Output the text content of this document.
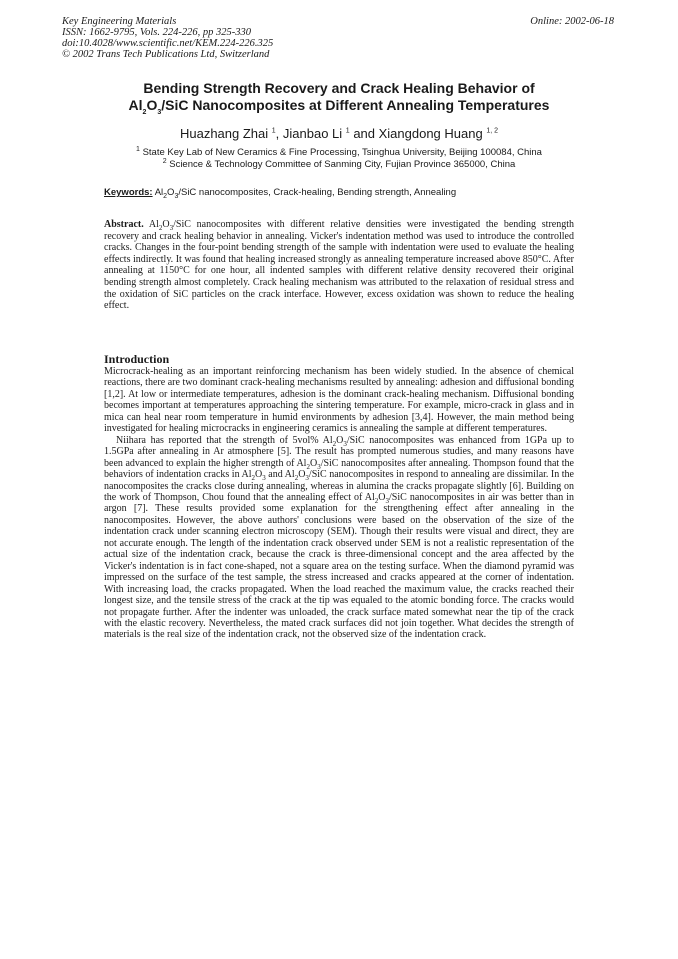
Key Engineering Materials
ISSN: 1662-9795, Vols. 224-226, pp 325-330
doi:10.4028/www.scientific.net/KEM.224-226.325
© 2002 Trans Tech Publications Ltd, Switzerland
Online: 2002-06-18
Bending Strength Recovery and Crack Healing Behavior of
$Al_2O_3$/SiC Nanocomposites at Different Annealing Temperatures
Huazhang Zhai $^1$, Jianbao Li $^1$ and Xiangdong Huang $^{1, 2}$
$^1$ State Key Lab of New Ceramics & Fine Processing, Tsinghua University, Beijing 100084, China
$^2$ Science & Technology Committee of Sanming City, Fujian Province 365000, China
Keywords: $Al_2O_3$/SiC nanocomposites, Crack-healing, Bending strength, Annealing
Abstract. $Al_2O_3$/SiC nanocomposites with different relative densities were investigated the bending strength recovery and crack healing behavior in annealing. Vicker's indentation method was used to introduce the controlled cracks. Changes in the four-point bending strength of the sample with indentation were used to evaluate the healing effects indirectly. It was found that healing increased strongly as annealing temperature increased above 850°C. After annealing at 1150°C for one hour, all indented samples with different relative density recovered their original bending strength almost completely. Crack healing mechanism was attributed to the relaxation of residual stress and the oxidation of SiC particles on the crack interface. However, excess oxidation was shown to reduce the healing effect.
Introduction

Microcrack-healing as an important reinforcing mechanism has been widely studied. In the absence of chemical reactions, there are two dominant crack-healing mechanisms resulted by annealing: adhesion and diffusional bonding [1,2]. At low or intermediate temperatures, adhesion is the dominant crack-healing mechanism. Diffusional bonding becomes important at temperatures approaching the sintering temperature. For example, micro-crack in glass and in mica can heal near room temperature in humid environments by adhesion [3,4]. However, the main method being investigated for healing microcracks in engineering ceramics is annealing the sample at different temperatures.

Niihara has reported that the strength of 5vol% $Al_2O_3$/SiC nanocomposites was enhanced from 1GPa up to 1.5GPa after annealing in Ar atmosphere [5]. The result has prompted numerous studies, and many reasons have been advanced to explain the higher strength of $Al_2O_3$/SiC nanocomposites after annealing. Thompson found that the behaviors of indentation cracks in $Al_2O_3$ and $Al_2O_3$/SiC nanocomposites in respond to annealing are dissimilar. In the nanocomposites the cracks close during annealing, whereas in alumina the cracks propagate slightly [6]. Building on the work of Thompson, Chou found that the annealing effect of $Al_2O_3$/SiC nanocomposites in air was better than in argon [7]. These results provided some explanation for the strengthening effect after annealing in the nanocomposites. However, the above authors' conclusions were based on the observation of the size of the indentation crack under scanning electron microscopy (SEM). Though their results were visual and direct, they are not accurate enough. The length of the indentation crack observed under SEM is not a realistic representation of the actual size of the indentation crack, because the crack is three-dimensional concept and the area affected by the Vicker's indentation is in fact cone-shaped, not a square area on the testing surface. When the diamond pyramid was impressed on the surface of the test sample, the stress increased and cracks appeared at the corner of indentation. With increasing load, the cracks propagated. When the load reached the maximum value, the cracks reached their longest size, and the tensile stress of the crack at the tip was equaled to the atomic bonding force. The cracks would not propagate further. After the indenter was unloaded, the crack surface mated somewhat near the tip of the crack with the elastic recovery. Nevertheless, the mated crack surfaces did not join together. What decides the strength of materials is the real size of the indentation crack, not the observed size of the indentation crack.
